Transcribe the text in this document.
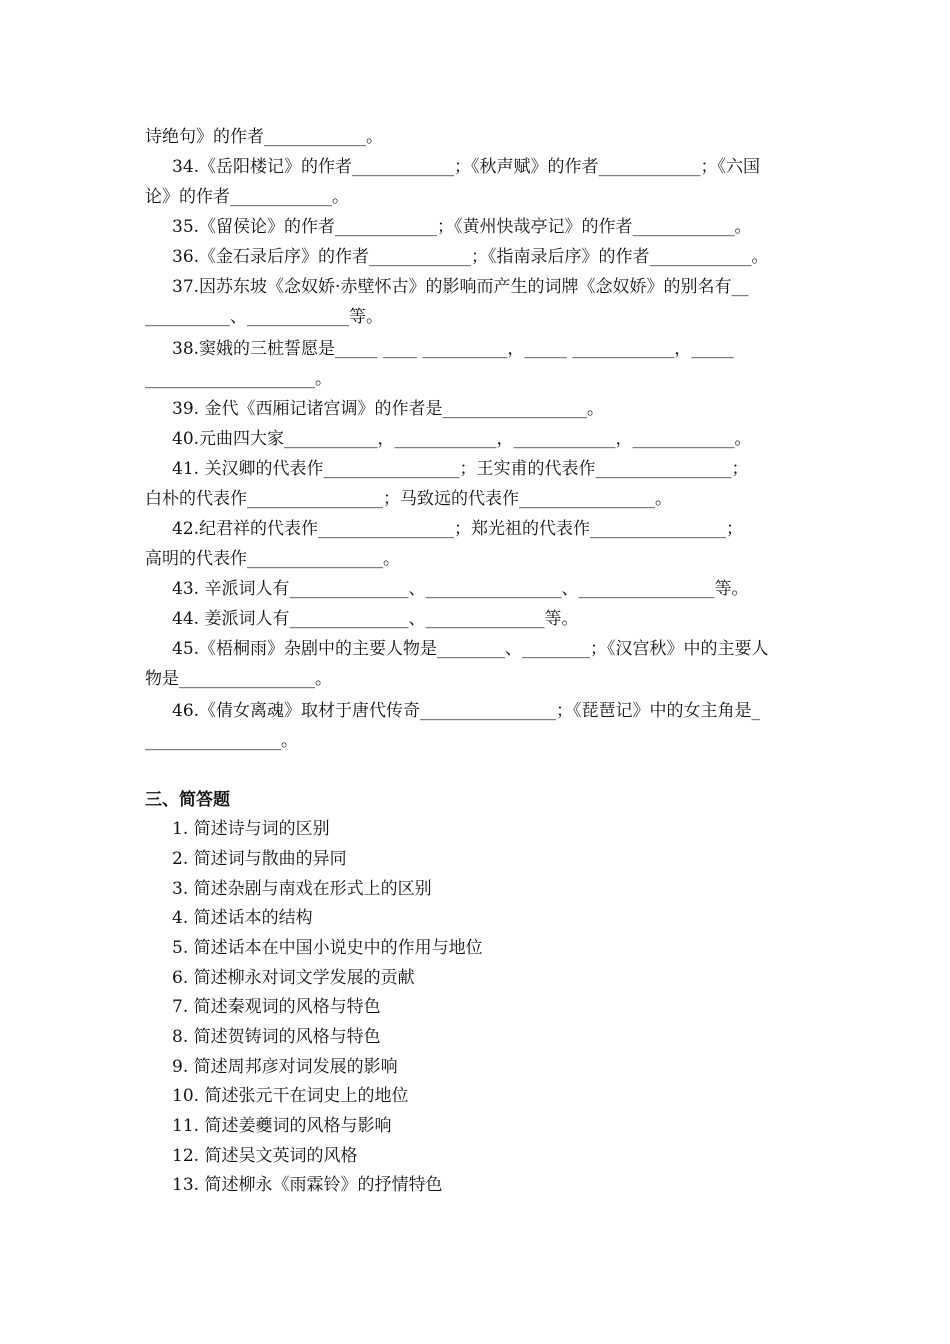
诗绝句》的作者____________。
34.《岳阳楼记》的作者____________；《秋声赋》的作者____________；《六国
论》的作者____________。
35.《留侯论》的作者____________；《黄州快哉亭记》的作者____________。
36.《金石录后序》的作者____________；《指南录后序》的作者____________。
37.因苏东坡《念奴娇·赤壁怀古》的影响而产生的词牌《念奴娇》的别名有__
__________、____________等。
38.窦娥的三桩誓愿是_____ ____ __________，_____ ____________，_____
____________________。
39. 金代《西厢记诸宫调》的作者是_________________。
40.元曲四大家___________，____________，____________，____________。
41. 关汉卿的代表作________________；王实甫的代表作________________；
白朴的代表作________________；马致远的代表作________________。
42.纪君祥的代表作________________；郑光祖的代表作________________；
高明的代表作________________。
43. 辛派词人有______________、________________、________________等。
44. 姜派词人有______________、______________等。
45.《梧桐雨》杂剧中的主要人物是________、________；《汉宫秋》中的主要人
物是________________。
46.《倩女离魂》取材于唐代传奇________________；《琵琶记》中的女主角是_
________________。
三、简答题
1. 简述诗与词的区别
2. 简述词与散曲的异同
3. 简述杂剧与南戏在形式上的区别
4. 简述话本的结构
5. 简述话本在中国小说史中的作用与地位
6. 简述柳永对词文学发展的贡献
7. 简述秦观词的风格与特色
8. 简述贺铸词的风格与特色
9. 简述周邦彦对词发展的影响
10. 简述张元干在词史上的地位
11. 简述姜夔词的风格与影响
12. 简述吴文英词的风格
13. 简述柳永《雨霖铃》的抒情特色
